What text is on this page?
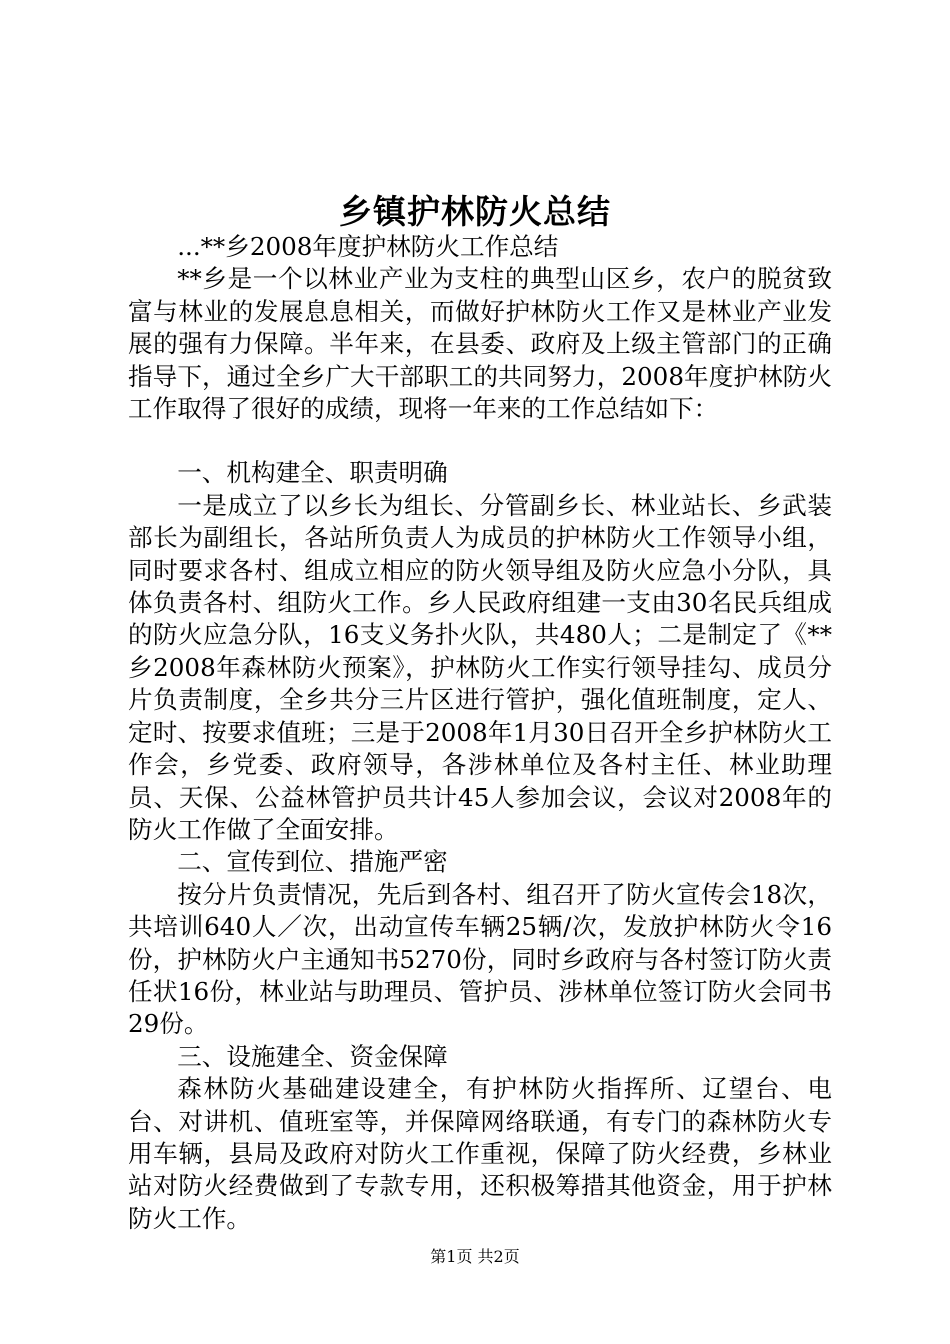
乡镇护林防火总结

...**乡2008年度护林防火工作总结

**乡是一个以林业产业为支柱的典型山区乡，农户的脱贫致富与林业的发展息息相关，而做好护林防火工作又是林业产业发展的强有力保障。半年来，在县委、政府及上级主管部门的正确指导下，通过全乡广大干部职工的共同努力，2008年度护林防火工作取得了很好的成绩，现将一年来的工作总结如下：

一、机构建全、职责明确

一是成立了以乡长为组长、分管副乡长、林业站长、乡武装部长为副组长，各站所负责人为成员的护林防火工作领导小组，同时要求各村、组成立相应的防火领导组及防火应急小分队，具体负责各村、组防火工作。乡人民政府组建一支由30名民兵组成的防火应急分队，16支义务扑火队，共480人；二是制定了《**乡2008年森林防火预案》，护林防火工作实行领导挂勾、成员分片负责制度，全乡共分三片区进行管护，强化值班制度，定人、定时、按要求值班；三是于2008年1月30日召开全乡护林防火工作会，乡党委、政府领导，各涉林单位及各村主任、林业助理员、天保、公益林管护员共计45人参加会议，会议对2008年的防火工作做了全面安排。

二、宣传到位、措施严密

按分片负责情况，先后到各村、组召开了防火宣传会18次，共培训640人／次，出动宣传车辆25辆/次，发放护林防火令16份，护林防火户主通知书5270份，同时乡政府与各村签订防火责任状16份，林业站与助理员、管护员、涉林单位签订防火会同书29份。

三、设施建全、资金保障

森林防火基础建设建全，有护林防火指挥所、辽望台、电台、对讲机、值班室等，并保障网络联通，有专门的森林防火专用车辆，县局及政府对防火工作重视，保障了防火经费，乡林业站对防火经费做到了专款专用，还积极筹措其他资金，用于护林防火工作。

第1页 共2页
